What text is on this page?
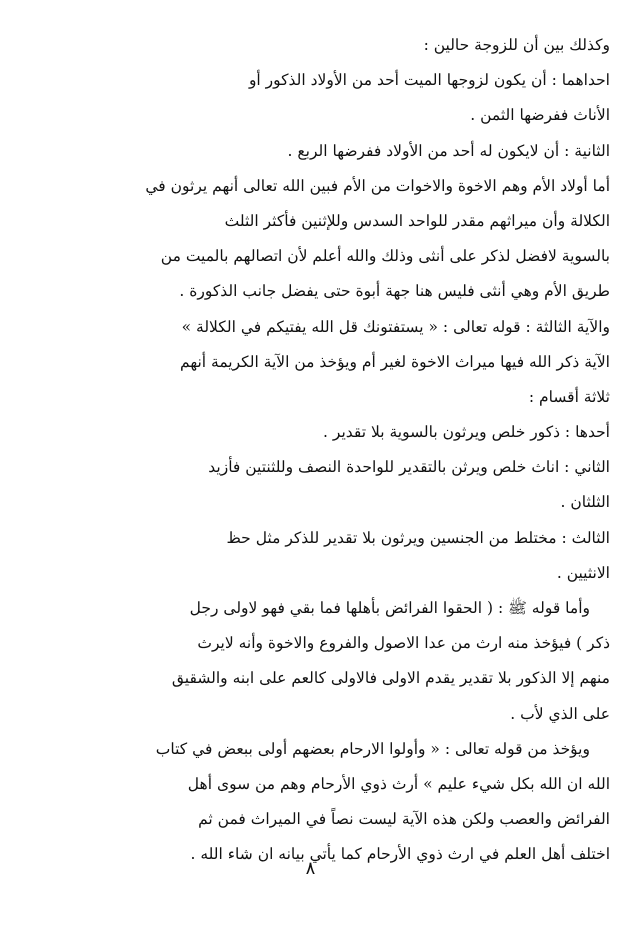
وكذلك بين أن للزوجة حالين :
احداهما : أن يكون لزوجها الميت أحد من الأولاد الذكور أو
الأناث ففرضها الثمن .
الثانية : أن لايكون له أحد من الأولاد ففرضها الربع .
أما أولاد الأم وهم الاخوة والاخوات من الأم فبين الله تعالى أنهم يرثون في
الكلالة وأن ميراثهم مقدر للواحد السدس وللإثنين فأكثر الثلث
بالسوية لافضل لذكر على أنثى وذلك والله أعلم لأن اتصالهم بالميت من
طريق الأم وهي أنثى فليس هنا جهة أبوة حتى يفضل جانب الذكورة .
والآية الثالثة : قوله تعالى : « يستفتونك قل الله يفتيكم في الكلالة »
الآية ذكر الله فيها ميراث الاخوة لغير أم ويؤخذ من الآية الكريمة أنهم
ثلاثة أقسام :
أحدها : ذكور خلص ويرثون بالسوية بلا تقدير .
الثاني : اناث خلص ويرثن بالتقدير للواحدة النصف وللثنتين فأزيد
الثلثان .
الثالث : مختلط من الجنسين ويرثون بلا تقدير للذكر مثل حظ
الانثيين .
وأما قوله ﷺ : ( الحقوا الفرائض بأهلها فما بقي فهو لاولى رجل
ذكر ) فيؤخذ منه ارث من عدا الاصول والفروع والاخوة وأنه لايرث
منهم إلا الذكور بلا تقدير يقدم الاولى فالاولى كالعم على ابنه والشقيق
على الذي لأب .
ويؤخذ من قوله تعالى : « وأولوا الارحام بعضهم أولى ببعض في كتاب
الله ان الله بكل شيء عليم » أرث ذوي الأرحام وهم من سوى أهل
الفرائض والعصب ولكن هذه الآية ليست نصاً في الميراث فمن ثم
اختلف أهل العلم في ارث ذوي الأرحام كما يأتي بيانه ان شاء الله .
٨
